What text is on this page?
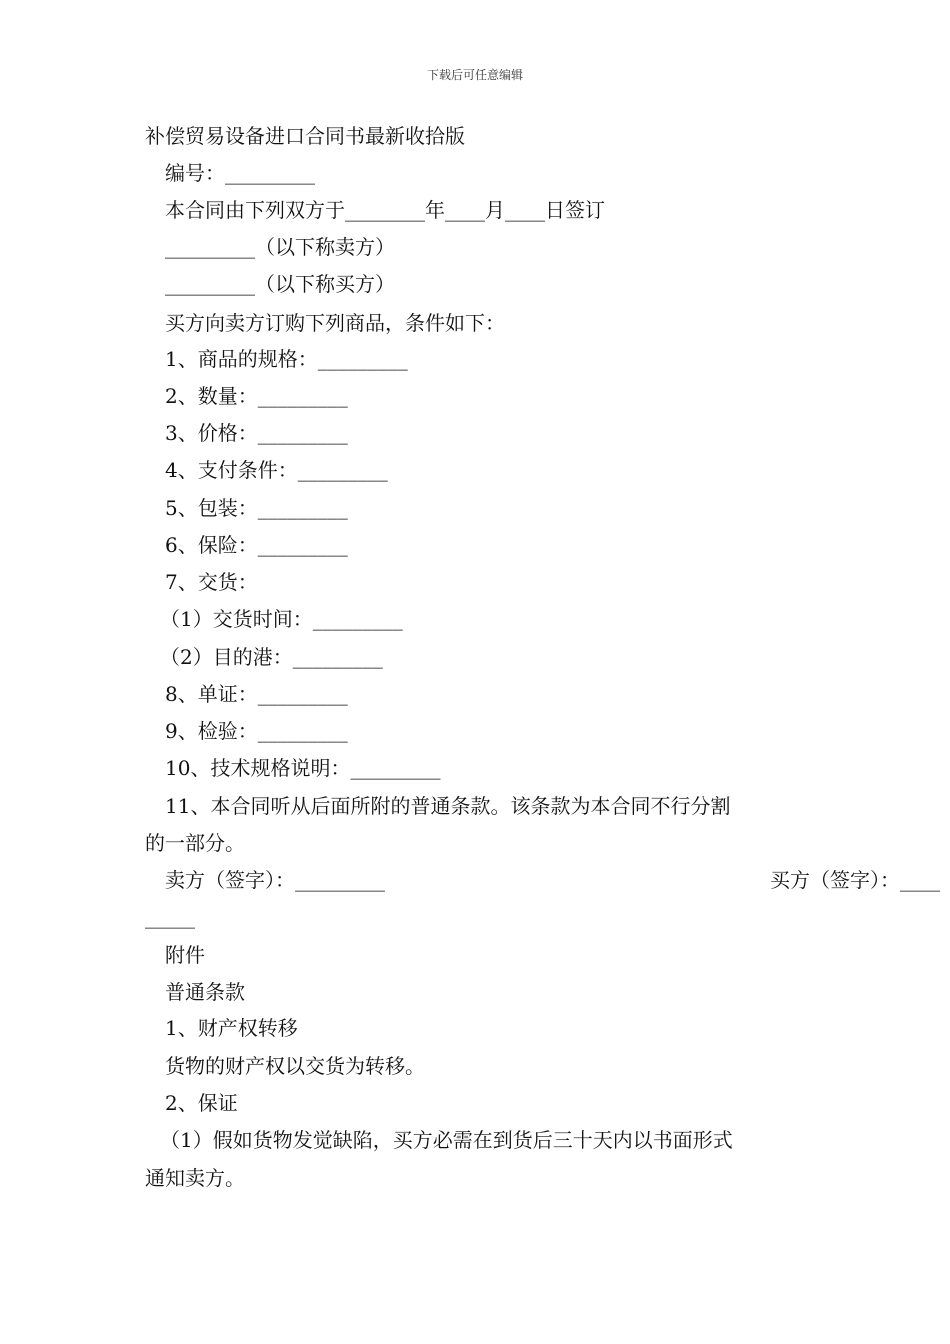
下载后可任意编辑
补偿贸易设备进口合同书最新收拾版
编号：_________
本合同由下列双方于________年____月____日签订
_________（以下称卖方）
_________（以下称买方）
买方向卖方订购下列商品，条件如下：
1、商品的规格：_________
2、数量：_________
3、价格：_________
4、支付条件：_________
5、包装：_________
6、保险：_________
7、交货：
（1）交货时间：_________
（2）目的港：_________
8、单证：_________
9、检验：_________
10、技术规格说明：_________
11、本合同听从后面所附的普通条款。该条款为本合同不行分割
的一部分。
卖方（签字）：_________	买方（签字）：____
_____
附件
普通条款
1、财产权转移
货物的财产权以交货为转移。
2、保证
（1）假如货物发觉缺陷，买方必需在到货后三十天内以书面形式
通知卖方。
